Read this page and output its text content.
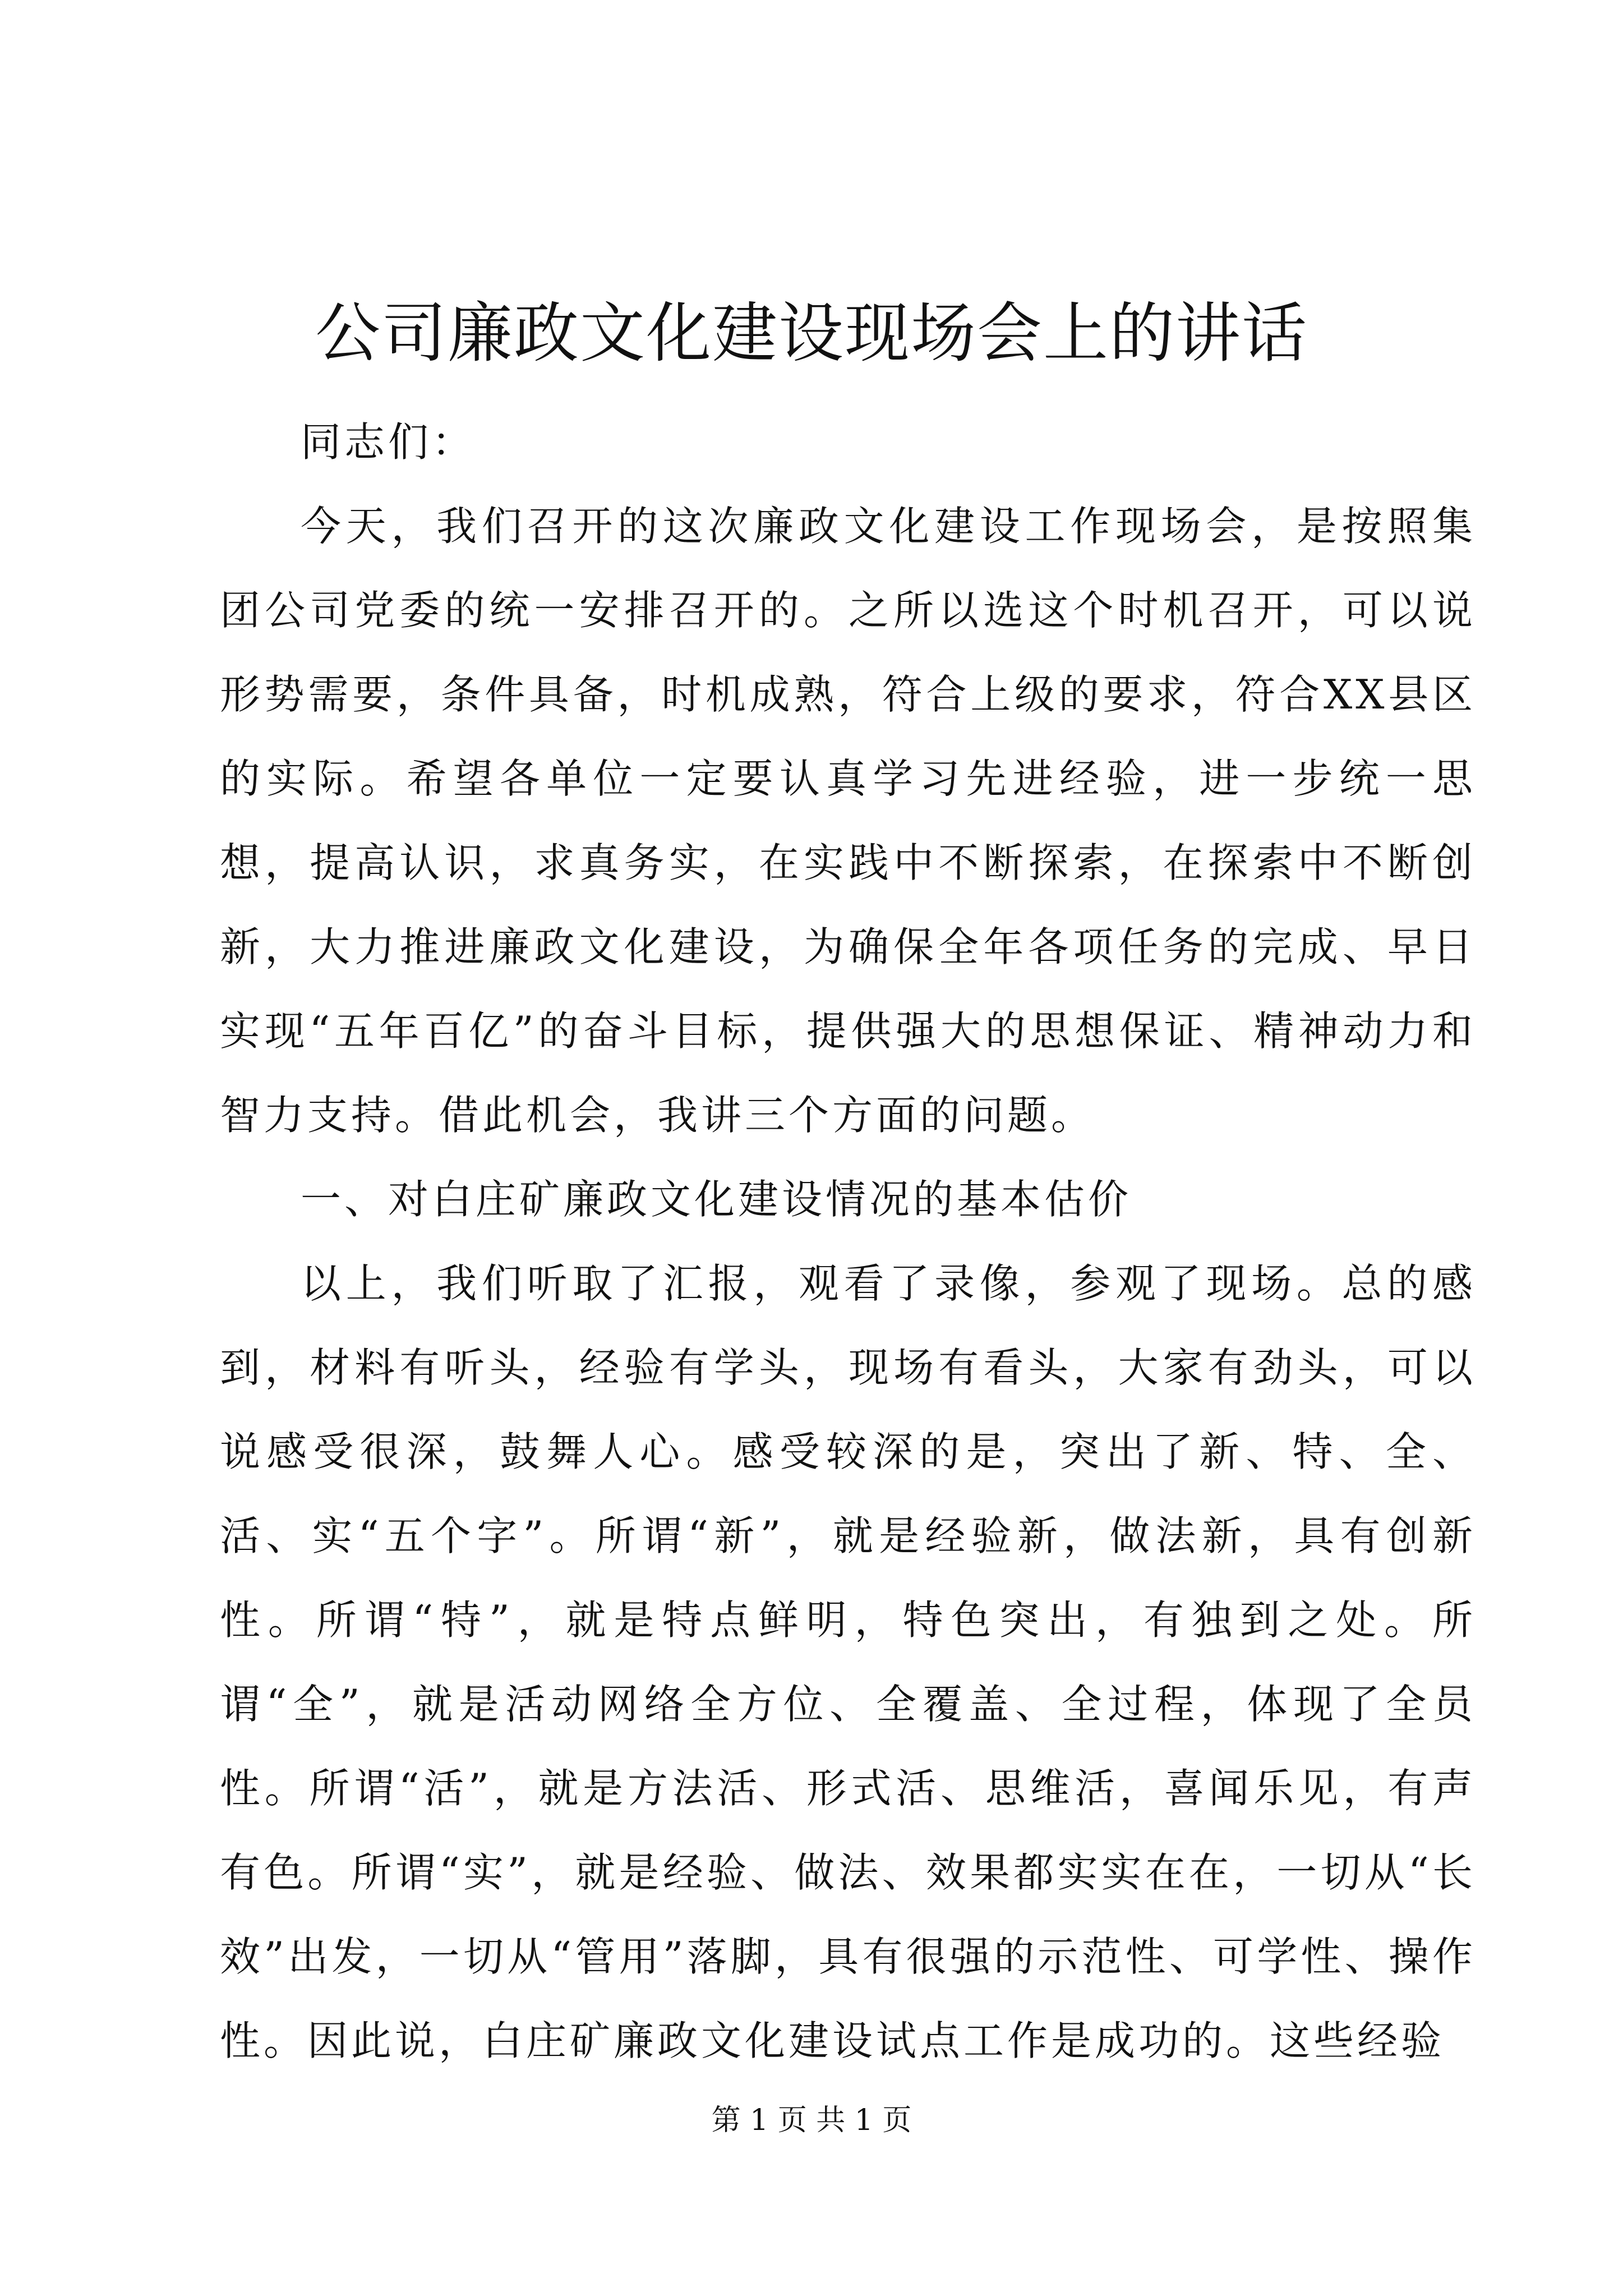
公司廉政文化建设现场会上的讲话

同志们：

今天，我们召开的这次廉政文化建设工作现场会，是按照集团公司党委的统一安排召开的。之所以选这个时机召开，可以说形势需要，条件具备，时机成熟，符合上级的要求，符合XX县区的实际。希望各单位一定要认真学习先进经验，进一步统一思想，提高认识，求真务实，在实践中不断探索，在探索中不断创新，大力推进廉政文化建设，为确保全年各项任务的完成、早日实现“五年百亿”的奋斗目标，提供强大的思想保证、精神动力和智力支持。借此机会，我讲三个方面的问题。

一、对白庄矿廉政文化建设情况的基本估价

以上，我们听取了汇报，观看了录像，参观了现场。总的感到，材料有听头，经验有学头，现场有看头，大家有劲头，可以说感受很深，鼓舞人心。感受较深的是，突出了新、特、全、活、实“五个字”。所谓“新”，就是经验新，做法新，具有创新性。所谓“特”，就是特点鲜明，特色突出，有独到之处。所谓“全”，就是活动网络全方位、全覆盖、全过程，体现了全员性。所谓“活”，就是方法活、形式活、思维活，喜闻乐见，有声有色。所谓“实”，就是经验、做法、效果都实实在在，一切从“长效”出发，一切从“管用”落脚，具有很强的示范性、可学性、操作性。因此说，白庄矿廉政文化建设试点工作是成功的。这些经验

第 1 页 共 1 页
